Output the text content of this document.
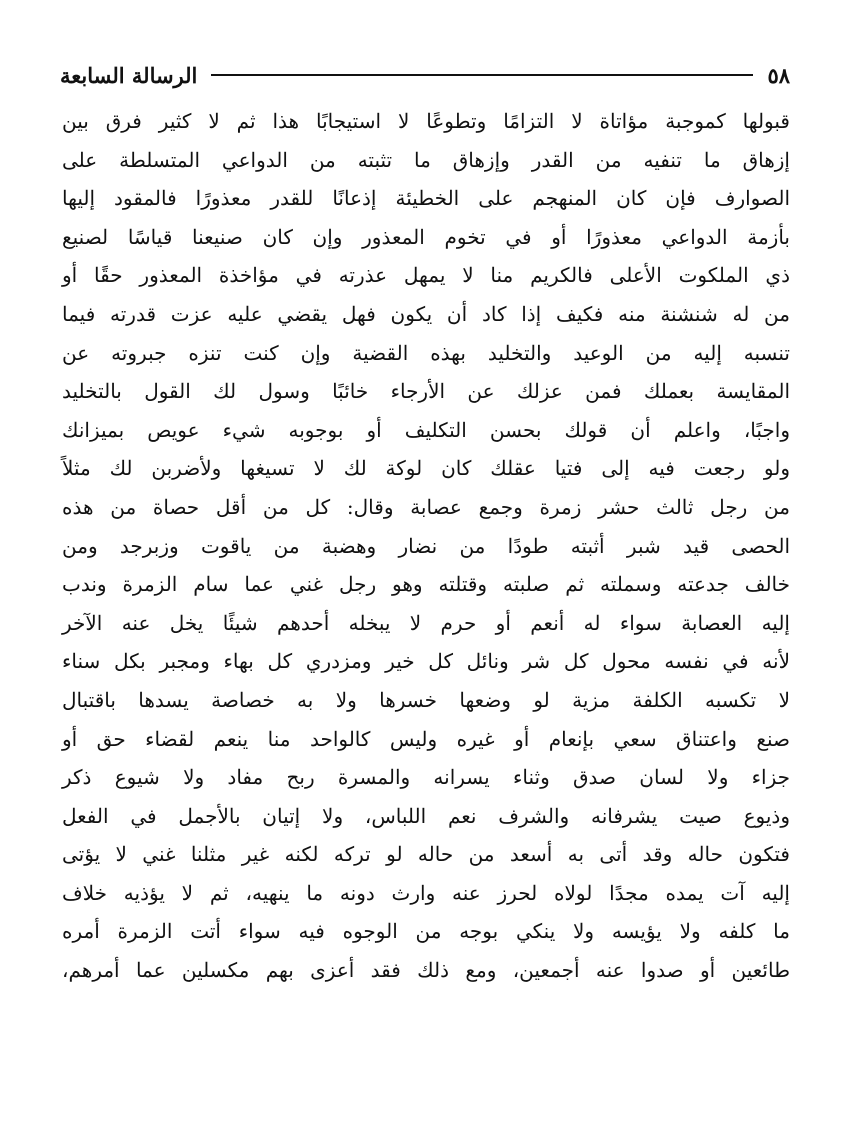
٥٨
الرسالة السابعة
قبولها كموجبة مؤاتاة لا التزامًا وتطوعًا لا استيجابًا هذا ثم لا كثير فرق بين
إزهاق ما تنفيه من القدر وإزهاق ما تثبته من الدواعي المتسلطة على
الصوارف فإن كان المنهجم على الخطيئة إذعانًا للقدر معذورًا فالمقود إليها
بأزمة الدواعي معذورًا أو في تخوم المعذور وإن كان صنيعنا قياسًا لصنيع
ذي الملكوت الأعلى فالكريم منا لا يمهل عذرته في مؤاخذة المعذور حقًا أو
من له شنشنة منه فكيف إذا كاد أن يكون فهل يقضي عليه عزت قدرته فيما
تنسبه إليه من الوعيد والتخليد بهذه القضية وإن كنت تنزه جبروته عن
المقايسة بعملك فمن عزلك عن الأرجاء خائبًا وسول لك القول بالتخليد
واجبًا، واعلم أن قولك بحسن التكليف أو بوجوبه شيء عويص بميزانك
ولو رجعت فيه إلى فتيا عقلك كان لوكة لك لا تسيغها ولأضربن لك مثلاً
من رجل ثالث حشر زمرة وجمع عصابة وقال: كل من أقل حصاة من هذه
الحصى قيد شبر أثبته طودًا من نضار وهضبة من ياقوت وزبرجد ومن
خالف جدعته وسملته ثم صلبته وقتلته وهو رجل غني عما سام الزمرة وندب
إليه العصابة سواء له أنعم أو حرم لا يبخله أحدهم شيئًا يخل عنه الآخر
لأنه في نفسه محول كل شر ونائل كل خير ومزدري كل بهاء ومجبر بكل سناء
لا تكسبه الكلفة مزية لو وضعها خسرها ولا به خصاصة يسدها باقتبال
صنع واعتناق سعي بإنعام أو غيره وليس كالواحد منا ينعم لقضاء حق أو
جزاء ولا لسان صدق وثناء يسرانه والمسرة ربح مفاد ولا شيوع ذكر
وذيوع صيت يشرفانه والشرف نعم اللباس، ولا إتيان بالأجمل في الفعل
فتكون حاله وقد أتى به أسعد من حاله لو تركه لكنه غير مثلنا غني لا يؤتى
إليه آت يمده مجدًا لولاه لحرز عنه وارث دونه ما ينهيه، ثم لا يؤذيه خلاف
ما كلفه ولا يؤيسه ولا ينكي بوجه من الوجوه فيه سواء أتت الزمرة أمره
طائعين أو صدوا عنه أجمعين، ومع ذلك فقد أعزى بهم مكسلين عما أمرهم،
